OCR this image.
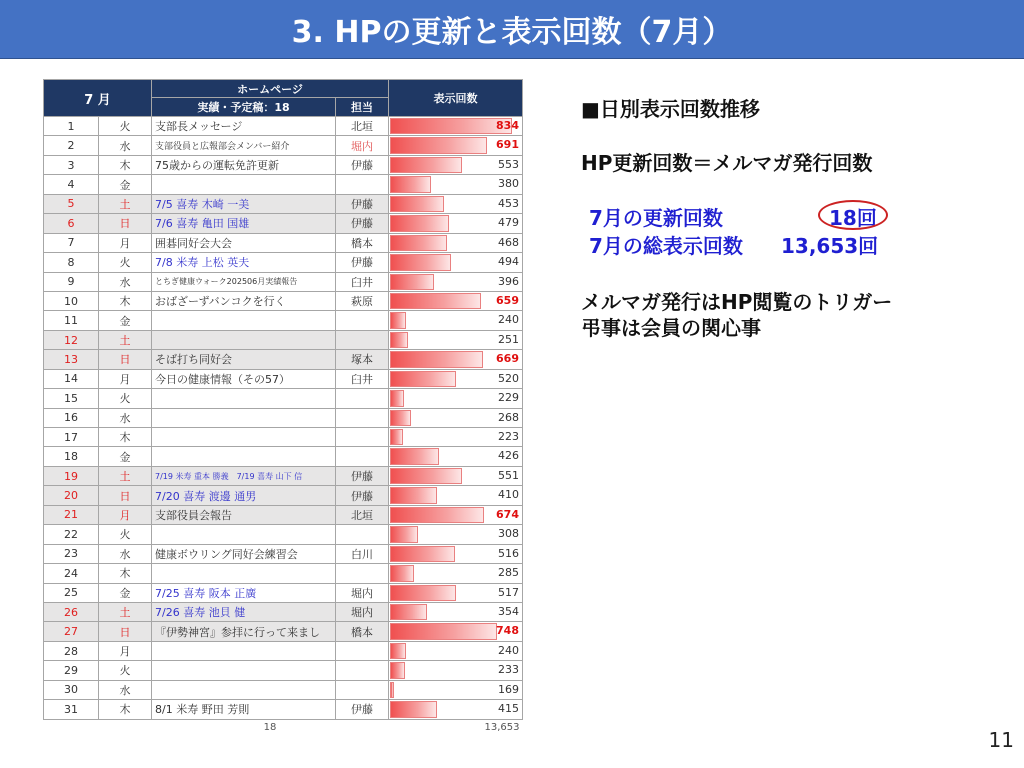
3. HPの更新と表示回数（7月）
7 月		ホームページ		表示回数
		実績・予定稿：18	担当	
1	火	支部長メッセージ	北垣	834

2	水	支部役員と広報部会メンバー紹介	堀内	691

3	木	75歳からの運転免許更新	伊藤	553

4	金			380

5	土	7/5 喜寿 木崎 一美	伊藤	453

6	日	7/6 喜寿 亀田 国雄	伊藤	479

7	月	囲碁同好会大会	橋本	468

8	火	7/8 米寿 上松 英夫	伊藤	494

9	水	とちぎ健康ウォーク202506月実績報告	臼井	396

10	木	おばざーずバンコクを行く	萩原	659

11	金			240

12	土			251

13	日	そば打ち同好会	塚本	669

14	月	今日の健康情報（その57）	臼井	520

15	火			229

16	水			268

17	木			223

18	金			426

19	土	7/19 米寿 重本 勝義　7/19 喜寿 山下 信	伊藤	551

20	日	7/20 喜寿 渡邊 通男	伊藤	410

21	月	支部役員会報告	北垣	674

22	火			308

23	水	健康ボウリング同好会練習会	白川	516

24	木			285

25	金	7/25 喜寿 阪本 正廣	堀内	517

26	土	7/26 喜寿 池貝 健	堀内	354

27	日	『伊勢神宮』参拝に行って来まし	橋本	748

28	月			240

29	火			233

30	水			169

31	木	8/1 米寿 野田 芳則	伊藤	415

		18		13,653
■日別表示回数推移
HP更新回数＝メルマガ発行回数
7月の更新回数	18回
7月の総表示回数 13,653回
メルマガ発行はHP閲覧のトリガー
弔事は会員の関心事
11
